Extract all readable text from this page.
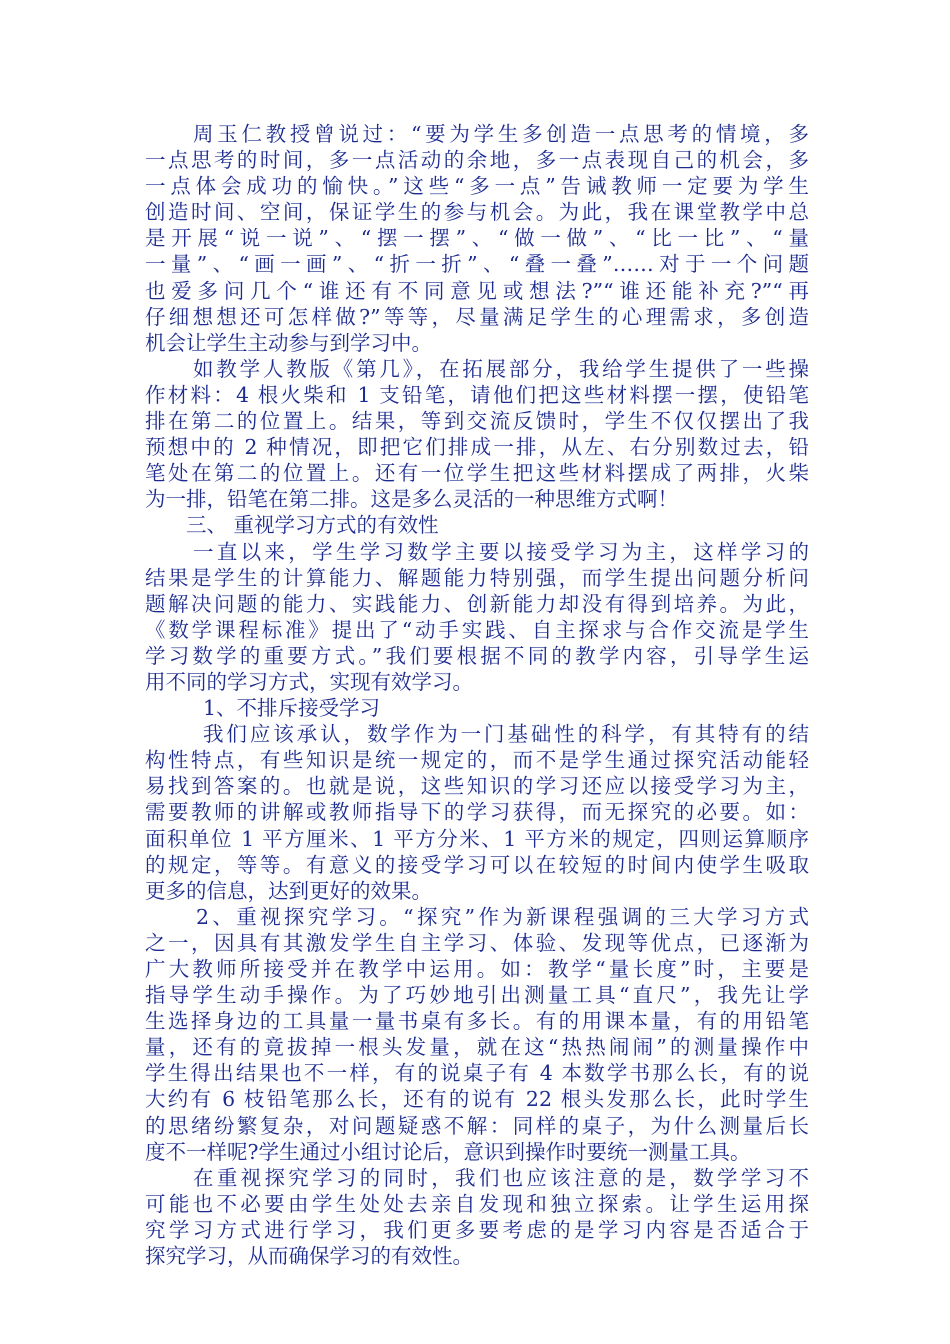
周玉仁教授曾说过：“要为学生多创造一点思考的情境，多
一点思考的时间，多一点活动的余地，多一点表现自己的机会，多
一点体会成功的愉快。”这些“多一点”告诫教师一定要为学生
创造时间、空间，保证学生的参与机会。为此，我在课堂教学中总
是开展“说一说”、“摆一摆”、“做一做”、“比一比”、“量
一量”、“画一画”、“折一折”、“叠一叠”……对于一个问题
也爱多问几个“谁还有不同意见或想法?”“谁还能补充?”“再
仔细想想还可怎样做?”等等，尽量满足学生的心理需求，多创造
机会让学生主动参与到学习中。
如教学人教版《第几》，在拓展部分，我给学生提供了一些操
作材料：4 根火柴和 1 支铅笔，请他们把这些材料摆一摆，使铅笔
排在第二的位置上。结果，等到交流反馈时，学生不仅仅摆出了我
预想中的 2 种情况，即把它们排成一排，从左、右分别数过去，铅
笔处在第二的位置上。还有一位学生把这些材料摆成了两排，火柴
为一排，铅笔在第二排。这是多么灵活的一种思维方式啊！
三、 重视学习方式的有效性
一直以来，学生学习数学主要以接受学习为主，这样学习的
结果是学生的计算能力、解题能力特别强，而学生提出问题分析问
题解决问题的能力、实践能力、创新能力却没有得到培养。为此，
《数学课程标准》提出了“动手实践、自主探求与合作交流是学生
学习数学的重要方式。”我们要根据不同的教学内容，引导学生运
用不同的学习方式，实现有效学习。
1、不排斥接受学习
我们应该承认，数学作为一门基础性的科学，有其特有的结
构性特点，有些知识是统一规定的，而不是学生通过探究活动能轻
易找到答案的。也就是说，这些知识的学习还应以接受学习为主，
需要教师的讲解或教师指导下的学习获得，而无探究的必要。如：
面积单位 1 平方厘米、1 平方分米、1 平方米的规定，四则运算顺序
的规定，等等。有意义的接受学习可以在较短的时间内使学生吸取
更多的信息，达到更好的效果。
2、重视探究学习。“探究”作为新课程强调的三大学习方式
之一，因具有其激发学生自主学习、体验、发现等优点，已逐渐为
广大教师所接受并在教学中运用。如：教学“量长度”时，主要是
指导学生动手操作。为了巧妙地引出测量工具“直尺”，我先让学
生选择身边的工具量一量书桌有多长。有的用课本量，有的用铅笔
量，还有的竟拔掉一根头发量，就在这“热热闹闹”的测量操作中
学生得出结果也不一样，有的说桌子有 4 本数学书那么长，有的说
大约有 6 枝铅笔那么长，还有的说有 22 根头发那么长，此时学生
的思绪纷繁复杂，对问题疑惑不解：同样的桌子，为什么测量后长
度不一样呢?学生通过小组讨论后，意识到操作时要统一测量工具。
在重视探究学习的同时，我们也应该注意的是，数学学习不
可能也不必要由学生处处去亲自发现和独立探索。让学生运用探
究学习方式进行学习，我们更多要考虑的是学习内容是否适合于
探究学习，从而确保学习的有效性。
